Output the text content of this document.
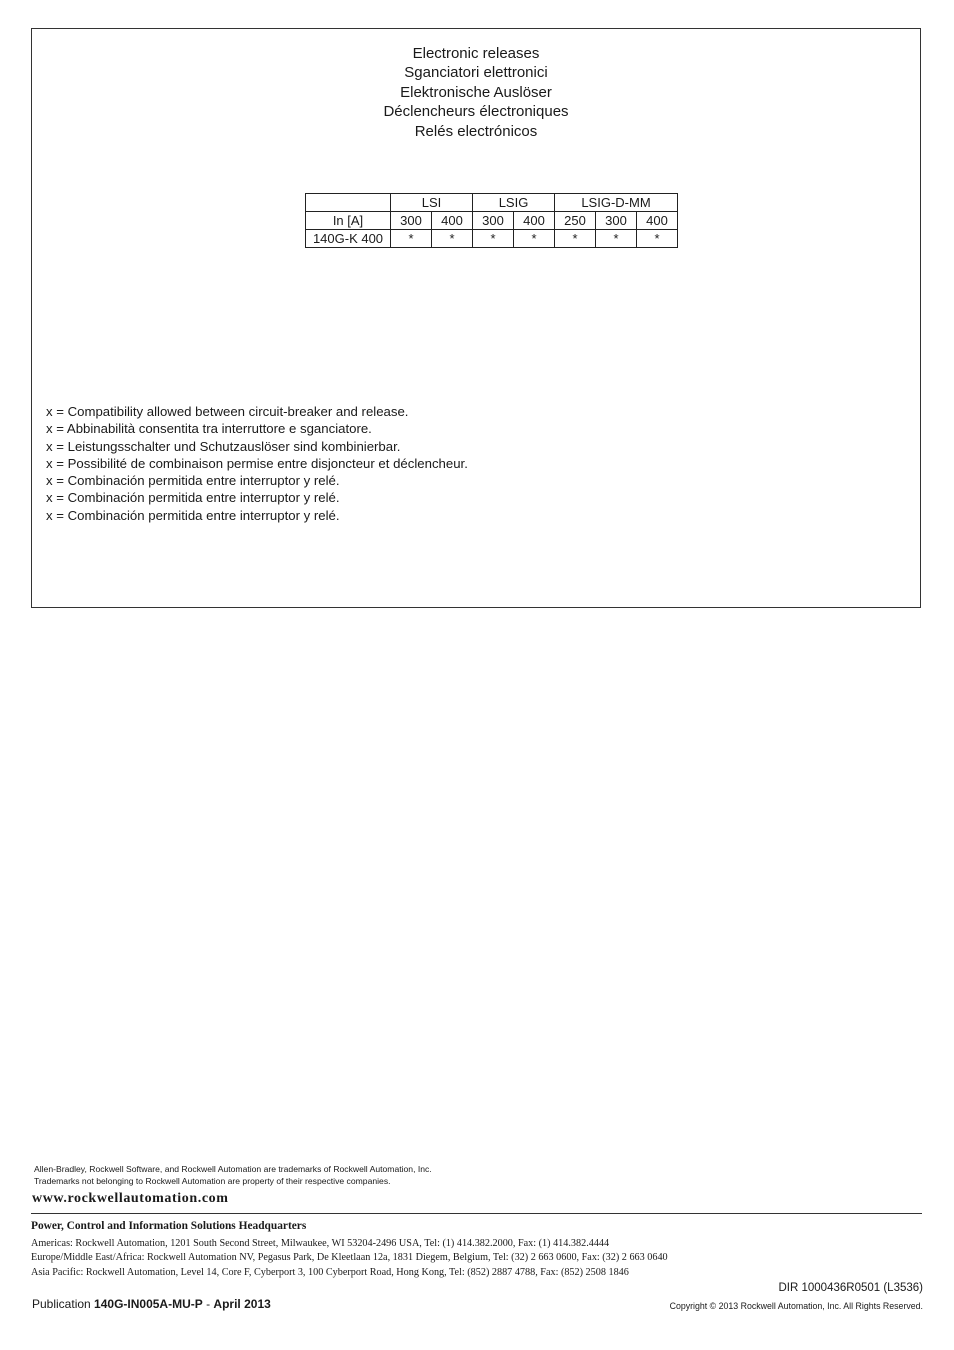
Electronic releases
Sganciatori elettronici
Elektronische Auslöser
Déclencheurs électroniques
Relés electrónicos
	LSI		LSIG		LSIG-D-MM		
In [A]	300	400	300	400	250	300	400
140G-K 400	*	*	*	*	*	*	*
x = Compatibility allowed between circuit-breaker and release.
x = Abbinabilità consentita tra interruttore e sganciatore.
x = Leistungsschalter und Schutzauslöser sind kombinierbar.
x = Possibilité de combinaison permise entre disjoncteur et déclencheur.
x = Combinación permitida entre interruptor y relé.
x = Combinación permitida entre interruptor y relé.
x = Combinación permitida entre interruptor y relé.
Allen-Bradley, Rockwell Software, and Rockwell Automation are trademarks of Rockwell Automation, Inc.
Trademarks not belonging to Rockwell Automation are property of their respective companies.
www.rockwellautomation.com
Power, Control and Information Solutions Headquarters
Americas: Rockwell Automation, 1201 South Second Street, Milwaukee, WI 53204-2496 USA, Tel: (1) 414.382.2000, Fax: (1) 414.382.4444
Europe/Middle East/Africa: Rockwell Automation NV, Pegasus Park, De Kleetlaan 12a, 1831 Diegem, Belgium, Tel: (32) 2 663 0600, Fax: (32) 2 663 0640
Asia Pacific: Rockwell Automation, Level 14, Core F, Cyberport 3, 100 Cyberport Road, Hong Kong, Tel: (852) 2887 4788, Fax: (852) 2508 1846
DIR 1000436R0501 (L3536)
Copyright © 2013 Rockwell Automation, Inc. All Rights Reserved.
Publication 140G-IN005A-MU-P - April 2013
